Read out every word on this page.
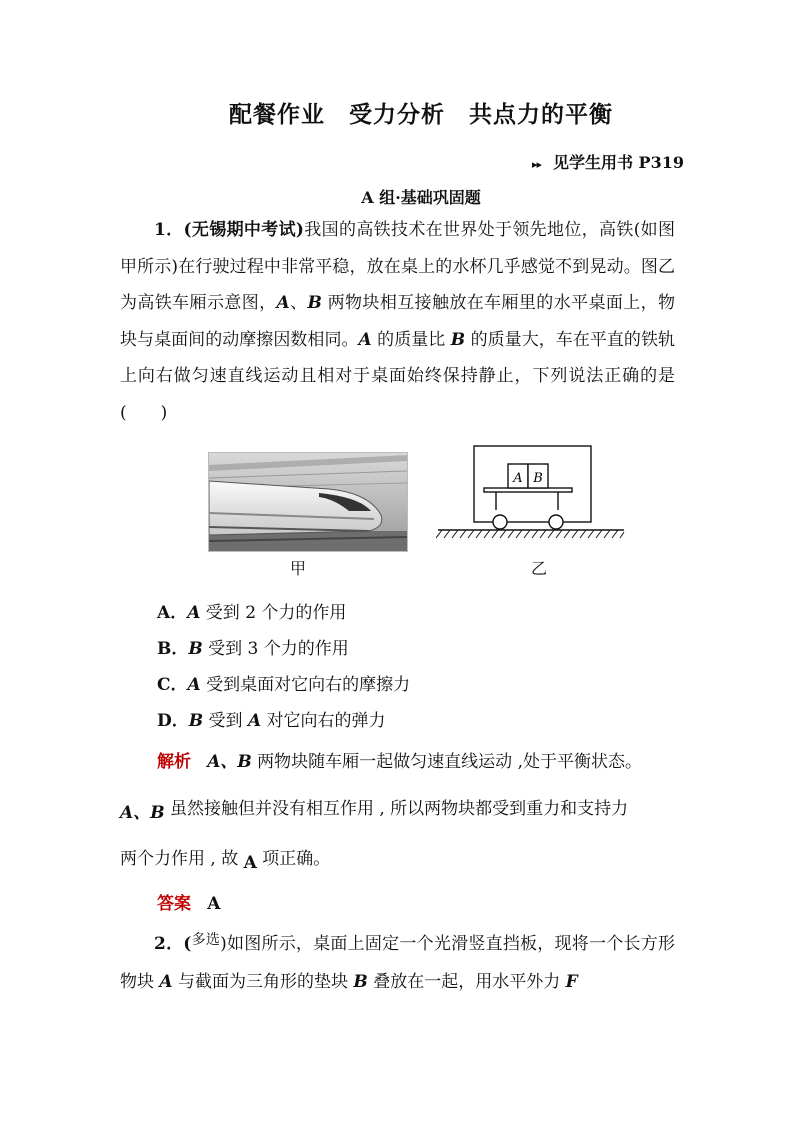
配餐作业　受力分析　共点力的平衡
▸▸ 见学生用书 P319
A 组·基础巩固题
1．(无锡期中考试)我国的高铁技术在世界处于领先地位，高铁(如图甲所示)在行驶过程中非常平稳，放在桌上的水杯几乎感觉不到晃动。图乙为高铁车厢示意图，A、B 两物块相互接触放在车厢里的水平桌面上，物块与桌面间的动摩擦因数相同。A 的质量比 B 的质量大，车在平直的铁轨上向右做匀速直线运动且相对于桌面始终保持静止，下列说法正确的是(　　)
A B
甲	乙
A．A 受到 2 个力的作用
B．B 受到 3 个力的作用
C．A 受到桌面对它向右的摩擦力
D．B 受到 A 对它向右的弹力
解析 A、B 两物块随车厢一起做匀速直线运动 ,处于平衡状态。
A、B 虽然接触但并没有相互作用 , 所以两物块都受到重力和支持力
两个力作用 , 故 A 项正确。
答案 A
2．($^{多选}$)如图所示，桌面上固定一个光滑竖直挡板，现将一个长方形物块 A 与截面为三角形的垫块 B 叠放在一起，用水平外力 F
